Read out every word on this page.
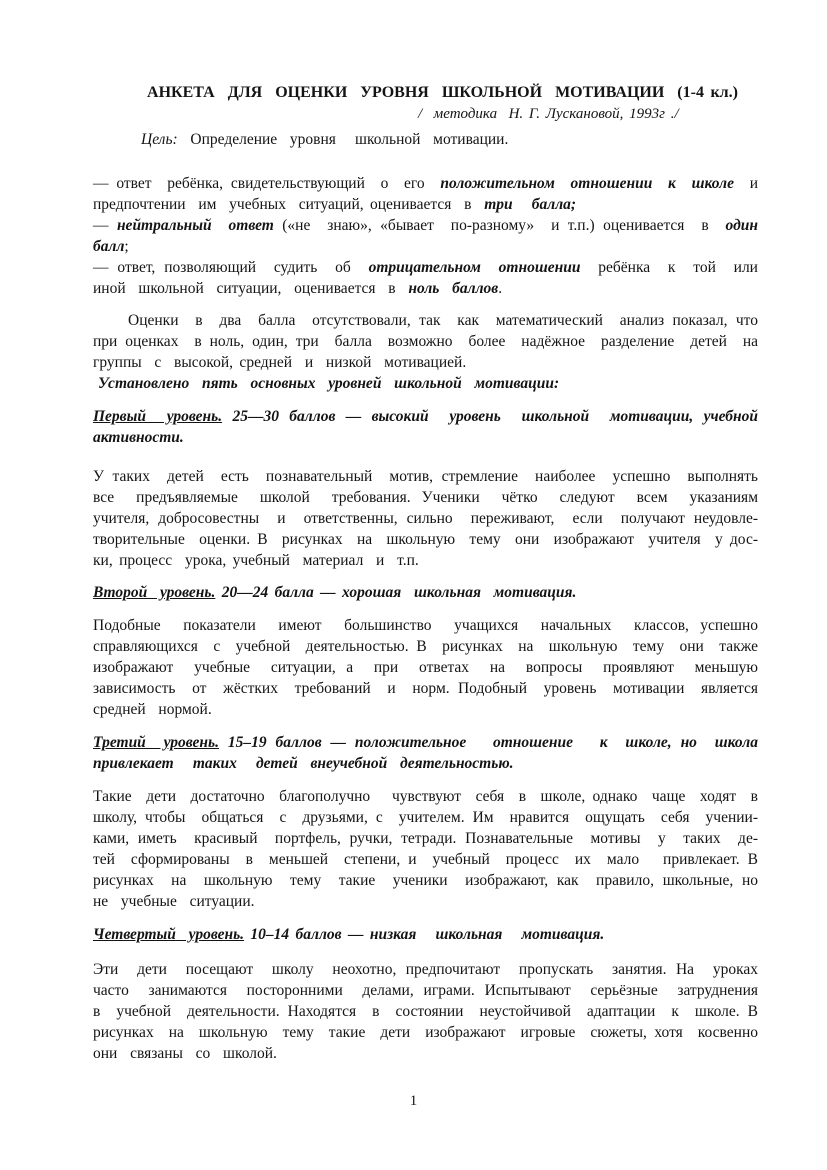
АНКЕТА  ДЛЯ  ОЦЕНКИ  УРОВНЯ  ШКОЛЬНОЙ  МОТИВАЦИИ  (1-4 кл.)
/  методика  Н. Г. Лускановой, 1993г ./
Цель:  Определение  уровня   школьной  мотивации.
— ответ  ребёнка, свидетельствующий  о  его  положительном  отношении  к  школе  и
предпочтении  им  учебных  ситуаций, оценивается  в  три   балла;
— нейтральный  ответ («не  знаю», «бывает  по-разному»  и т.п.) оценивается  в  один
балл;
— ответ, позволяющий  судить  об  отрицательном  отношении  ребёнка  к  той  или
иной  школьной  ситуации,  оценивается  в  ноль  баллов.
Оценки  в  два  балла  отсутствовали, так  как  математический  анализ показал, что
при оценках  в ноль, один, три  балла  возможно  более  надёжное  разделение  детей  на
группы  с  высокой, средней  и  низкой  мотивацией.
Установлено  пять  основных  уровней  школьной  мотивации:
Первый  уровень. 25—30 баллов — высокий  уровень  школьной  мотивации, учебной
активности.
У таких  детей  есть  познавательный  мотив, стремление  наиболее  успешно  выполнять
все  предъявляемые  школой  требования. Ученики  чётко  следуют  всем  указаниям
учителя, добросовестны  и  ответственны, сильно  переживают,  если  получают неудовле-
творительные  оценки. В  рисунках  на  школьную  тему  они  изображают  учителя  у дос-
ки, процесс  урока, учебный  материал  и  т.п.
Второй  уровень. 20—24 балла — хорошая  школьная  мотивация.
Подобные  показатели  имеют  большинство  учащихся  начальных  классов, успешно
справляющихся  с  учебной  деятельностью. В  рисунках  на  школьную  тему  они  также
изображают  учебные  ситуации, а  при  ответах  на  вопросы  проявляют  меньшую
зависимость  от  жёстких  требований  и  норм. Подобный  уровень  мотивации  является
средней  нормой.
Третий  уровень. 15–19 баллов — положительное   отношение   к  школе, но  школа
привлекает   таких   детей  внеучебной  деятельностью.
Такие  дети  достаточно  благополучно   чувствуют  себя  в  школе, однако  чаще  ходят  в
школу, чтобы  общаться  с  друзьями, с  учителем. Им  нравится  ощущать  себя  учении-
ками, иметь  красивый  портфель, ручки, тетради. Познавательные  мотивы  у  таких  де-
тей  сформированы  в  меньшей  степени, и  учебный  процесс  их  мало   привлекает. В
рисунках  на  школьную  тему  такие  ученики  изображают, как  правило, школьные, но
не  учебные  ситуации.
Четвертый  уровень. 10–14 баллов — низкая   школьная   мотивация.
Эти  дети  посещают  школу  неохотно, предпочитают  пропускать  занятия. На  уроках
часто  занимаются  посторонними  делами, играми. Испытывают  серьёзные  затруднения
в  учебной  деятельности. Находятся  в  состоянии  неустойчивой  адаптации  к  школе. В
рисунках  на  школьную  тему  такие  дети  изображают  игровые  сюжеты, хотя  косвенно
они  связаны  со  школой.
1
